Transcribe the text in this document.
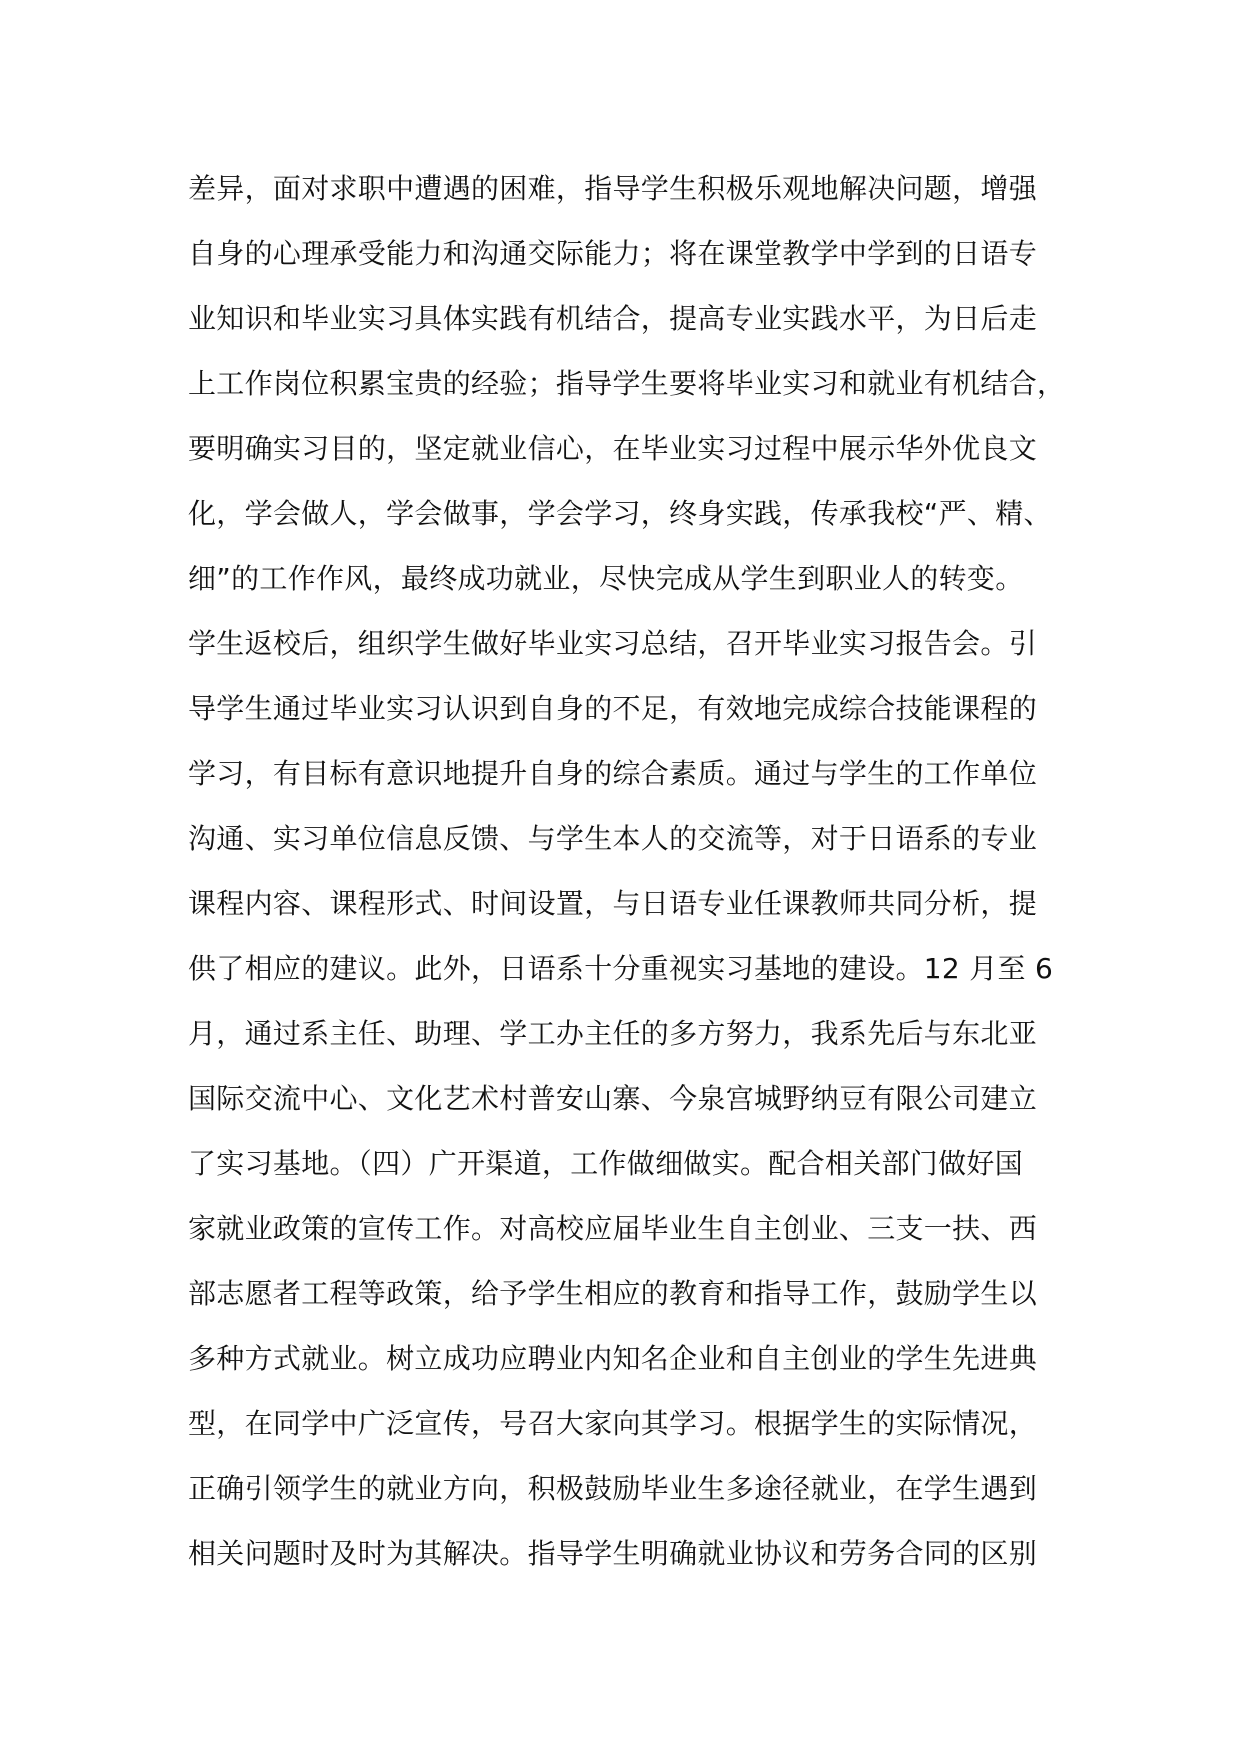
差异，面对求职中遭遇的困难，指导学生积极乐观地解决问题，增强
自身的心理承受能力和沟通交际能力；将在课堂教学中学到的日语专
业知识和毕业实习具体实践有机结合，提高专业实践水平，为日后走
上工作岗位积累宝贵的经验；指导学生要将毕业实习和就业有机结合，
要明确实习目的，坚定就业信心，在毕业实习过程中展示华外优良文
化，学会做人，学会做事，学会学习，终身实践，传承我校“严、精、
细”的工作作风，最终成功就业，尽快完成从学生到职业人的转变。
学生返校后，组织学生做好毕业实习总结，召开毕业实习报告会。引
导学生通过毕业实习认识到自身的不足，有效地完成综合技能课程的
学习，有目标有意识地提升自身的综合素质。通过与学生的工作单位
沟通、实习单位信息反馈、与学生本人的交流等，对于日语系的专业
课程内容、课程形式、时间设置，与日语专业任课教师共同分析，提
供了相应的建议。此外，日语系十分重视实习基地的建设。12 月至 6
月，通过系主任、助理、学工办主任的多方努力，我系先后与东北亚
国际交流中心、文化艺术村普安山寨、今泉宫城野纳豆有限公司建立
了实习基地。（四）广开渠道，工作做细做实。配合相关部门做好国
家就业政策的宣传工作。对高校应届毕业生自主创业、三支一扶、西
部志愿者工程等政策，给予学生相应的教育和指导工作，鼓励学生以
多种方式就业。树立成功应聘业内知名企业和自主创业的学生先进典
型，在同学中广泛宣传，号召大家向其学习。根据学生的实际情况，
正确引领学生的就业方向，积极鼓励毕业生多途径就业，在学生遇到
相关问题时及时为其解决。指导学生明确就业协议和劳务合同的区别
